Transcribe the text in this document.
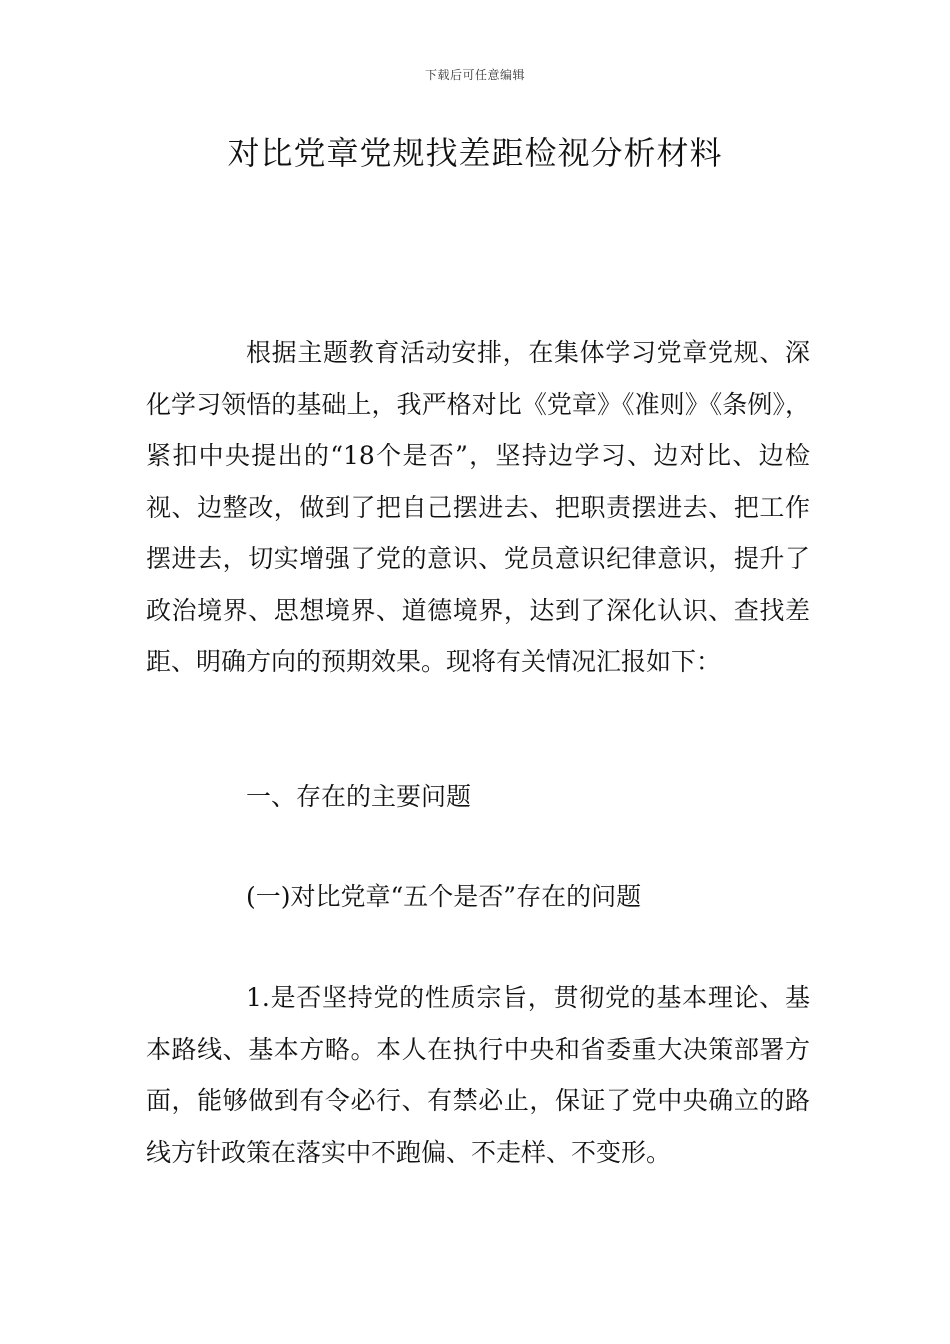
下载后可任意编辑
对比党章党规找差距检视分析材料

根据主题教育活动安排，在集体学习党章党规、深化学习领悟的基础上，我严格对比《党章》《准则》《条例》，紧扣中央提出的“18个是否”，坚持边学习、边对比、边检视、边整改，做到了把自己摆进去、把职责摆进去、把工作摆进去，切实增强了党的意识、党员意识纪律意识，提升了政治境界、思想境界、道德境界，达到了深化认识、查找差距、明确方向的预期效果。现将有关情况汇报如下：

一、存在的主要问题

(一)对比党章“五个是否”存在的问题

1.是否坚持党的性质宗旨，贯彻党的基本理论、基本路线、基本方略。本人在执行中央和省委重大决策部署方面，能够做到有令必行、有禁必止，保证了党中央确立的路线方针政策在落实中不跑偏、不走样、不变形。
